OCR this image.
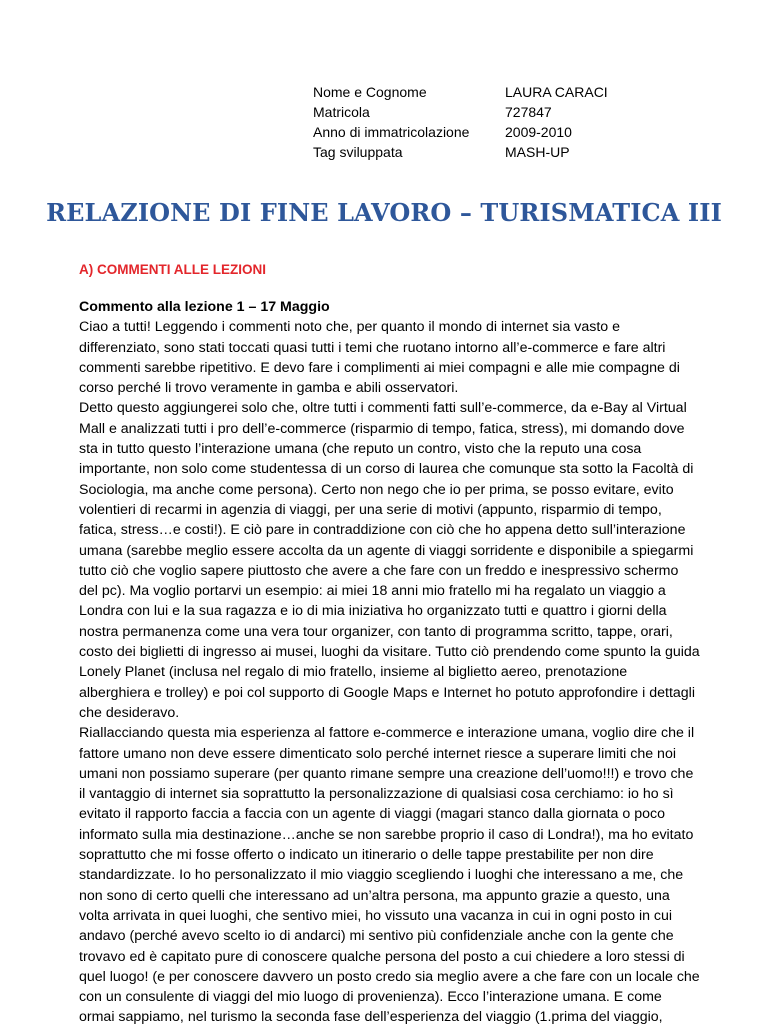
Nome e Cognome	LAURA CARACI
Matricola	727847
Anno di immatricolazione	2009-2010
Tag sviluppata	MASH-UP
RELAZIONE DI FINE LAVORO – TURISMATICA III
A) COMMENTI ALLE LEZIONI

Commento alla lezione 1 – 17 Maggio

Ciao a tutti! Leggendo i commenti noto che, per quanto il mondo di internet sia vasto e

differenziato, sono stati toccati quasi tutti i temi che ruotano intorno all’e-commerce e fare altri

commenti sarebbe ripetitivo. E devo fare i complimenti ai miei compagni e alle mie compagne di

corso perché li trovo veramente in gamba e abili osservatori.

Detto questo aggiungerei solo che, oltre tutti i commenti fatti sull’e-commerce, da e-Bay al Virtual

Mall e analizzati tutti i pro dell’e-commerce (risparmio di tempo, fatica, stress), mi domando dove

sta in tutto questo l’interazione umana (che reputo un contro, visto che la reputo una cosa

importante, non solo come studentessa di un corso di laurea che comunque sta sotto la Facoltà di

Sociologia, ma anche come persona). Certo non nego che io per prima, se posso evitare, evito

volentieri di recarmi in agenzia di viaggi, per una serie di motivi (appunto, risparmio di tempo,

fatica, stress…e costi!). E ciò pare in contraddizione con ciò che ho appena detto sull’interazione

umana (sarebbe meglio essere accolta da un agente di viaggi sorridente e disponibile a spiegarmi

tutto ciò che voglio sapere piuttosto che avere a che fare con un freddo e inespressivo schermo

del pc). Ma voglio portarvi un esempio: ai miei 18 anni mio fratello mi ha regalato un viaggio a

Londra con lui e la sua ragazza e io di mia iniziativa ho organizzato tutti e quattro i giorni della

nostra permanenza come una vera tour organizer, con tanto di programma scritto, tappe, orari,

costo dei biglietti di ingresso ai musei, luoghi da visitare. Tutto ciò prendendo come spunto la guida

Lonely Planet (inclusa nel regalo di mio fratello, insieme al biglietto aereo, prenotazione

alberghiera e trolley) e poi col supporto di Google Maps e Internet ho potuto approfondire i dettagli

che desideravo.

Riallacciando questa mia esperienza al fattore e-commerce e interazione umana, voglio dire che il

fattore umano non deve essere dimenticato solo perché internet riesce a superare limiti che noi

umani non possiamo superare (per quanto rimane sempre una creazione dell’uomo!!!) e trovo che

il vantaggio di internet sia soprattutto la personalizzazione di qualsiasi cosa cerchiamo: io ho sì

evitato il rapporto faccia a faccia con un agente di viaggi (magari stanco dalla giornata o poco

informato sulla mia destinazione…anche se non sarebbe proprio il caso di Londra!), ma ho evitato

soprattutto che mi fosse offerto o indicato un itinerario o delle tappe prestabilite per non dire

standardizzate. Io ho personalizzato il mio viaggio scegliendo i luoghi che interessano a me, che

non sono di certo quelli che interessano ad un’altra persona, ma appunto grazie a questo, una

volta arrivata in quei luoghi, che sentivo miei, ho vissuto una vacanza in cui in ogni posto in cui

andavo (perché avevo scelto io di andarci) mi sentivo più confidenziale anche con la gente che

trovavo ed è capitato pure di conoscere qualche persona del posto a cui chiedere a loro stessi di

quel luogo! (e per conoscere davvero un posto credo sia meglio avere a che fare con un locale che

con un consulente di viaggi del mio luogo di provenienza). Ecco l’interazione umana. E come

ormai sappiamo, nel turismo la seconda fase dell’esperienza del viaggio (1.prima del viaggio,
